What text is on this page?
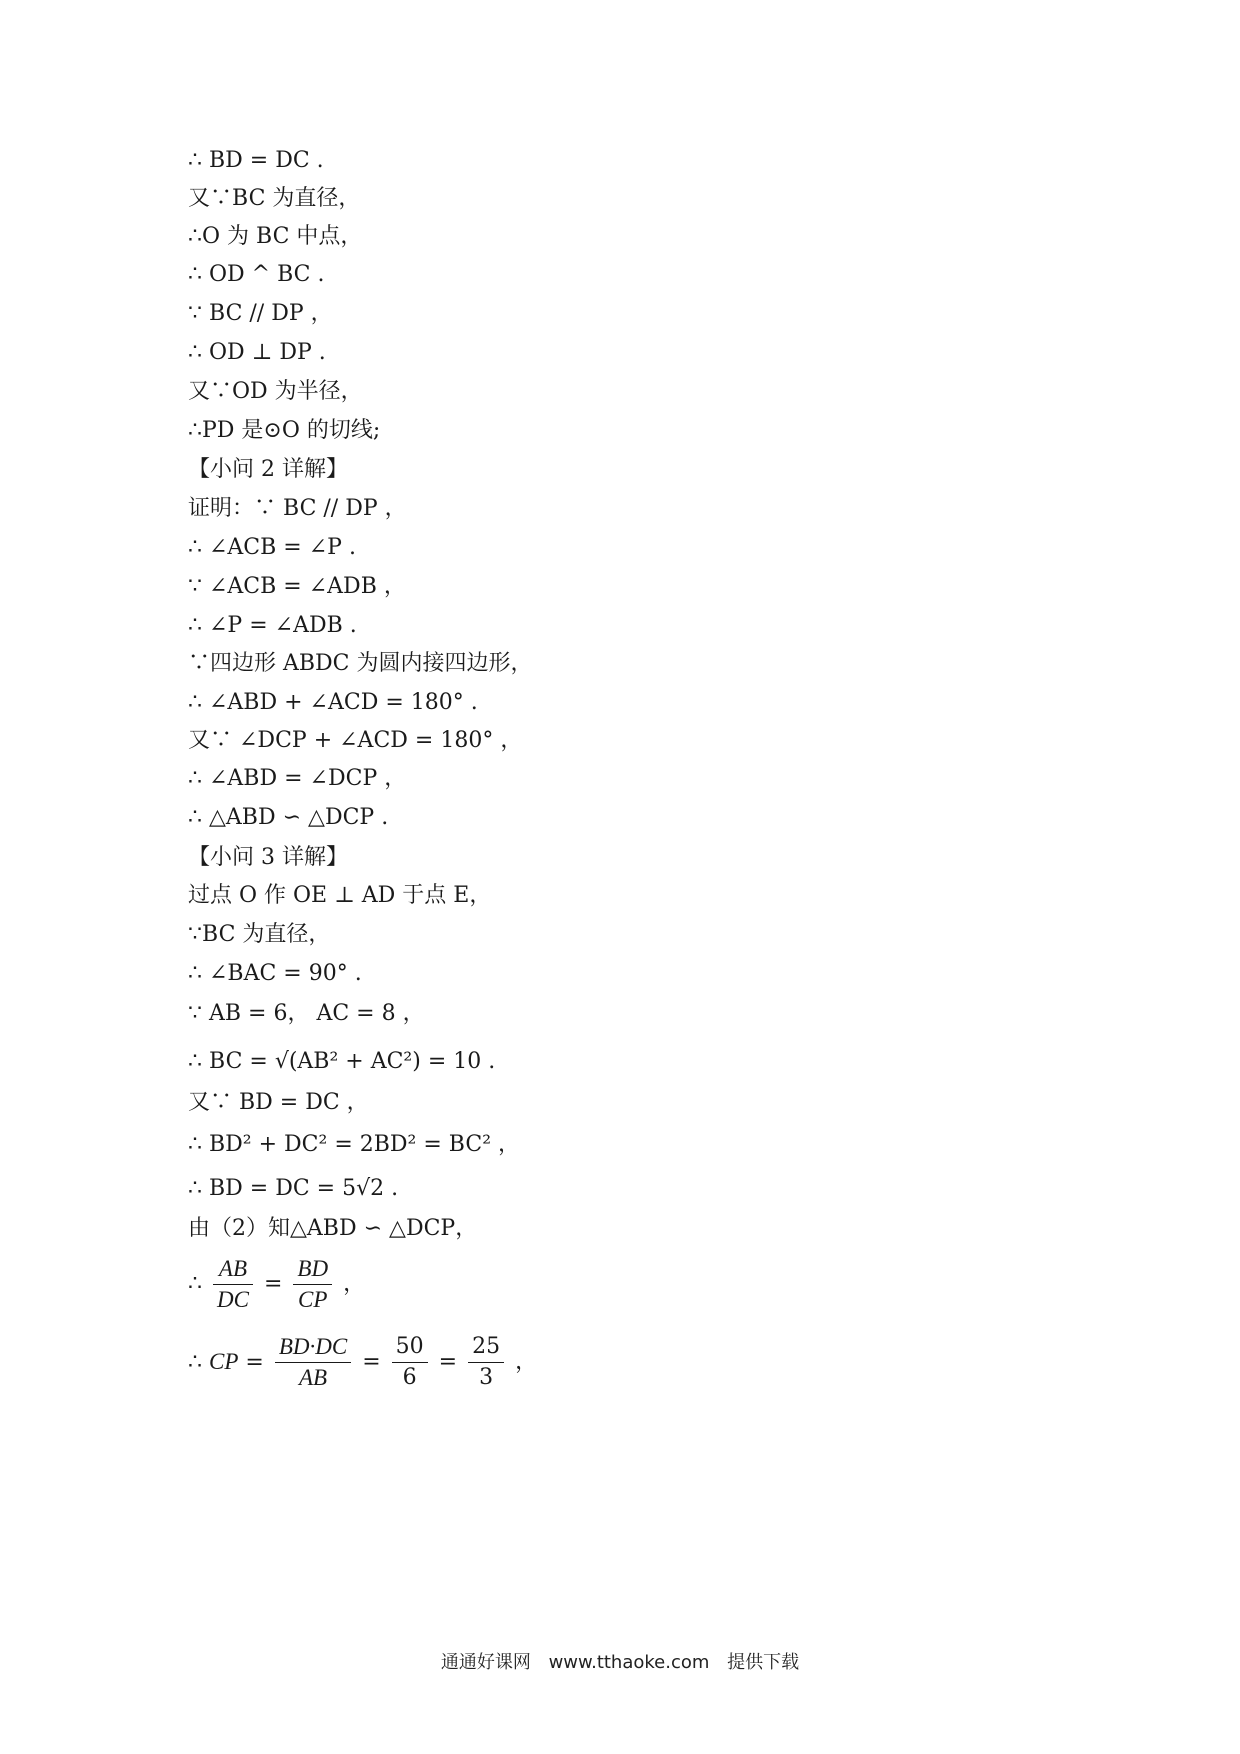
∴ BD = DC .
又∵BC 为直径，
∴O 为 BC 中点，
∴ OD ^ BC .
∵ BC // DP ，
∴ OD ⊥ DP .
又∵OD 为半径，
∴PD 是⊙O 的切线;
【小问 2 详解】
证明：∵ BC // DP ，
∴ ∠ACB = ∠P .
∵ ∠ACB = ∠ADB ，
∴ ∠P = ∠ADB .
∵四边形 ABDC 为圆内接四边形，
∴ ∠ABD + ∠ACD = 180° .
又∵ ∠DCP + ∠ACD = 180° ，
∴ ∠ABD = ∠DCP ，
∴ △ABD ∽ △DCP .
【小问 3 详解】
过点 O 作 OE ⊥ AD 于点 E，
∵BC 为直径，
∴ ∠BAC = 90° .
∵ AB = 6， AC = 8 ，
∴ BC = √(AB² + AC²) = 10 .
又∵ BD = DC ，
∴ BD² + DC² = 2BD² = BC² ，
∴ BD = DC = 5√2 .
由（2）知△ABD ∽ △DCP，
∴ $\frac{AB}{DC} = \frac{BD}{CP}$ ，
∴ CP = $\frac{BD\cdot DC}{AB} = \frac{50}{6} = \frac{25}{3}$ ，
通通好课网 www.tthaoke.com 提供下载
